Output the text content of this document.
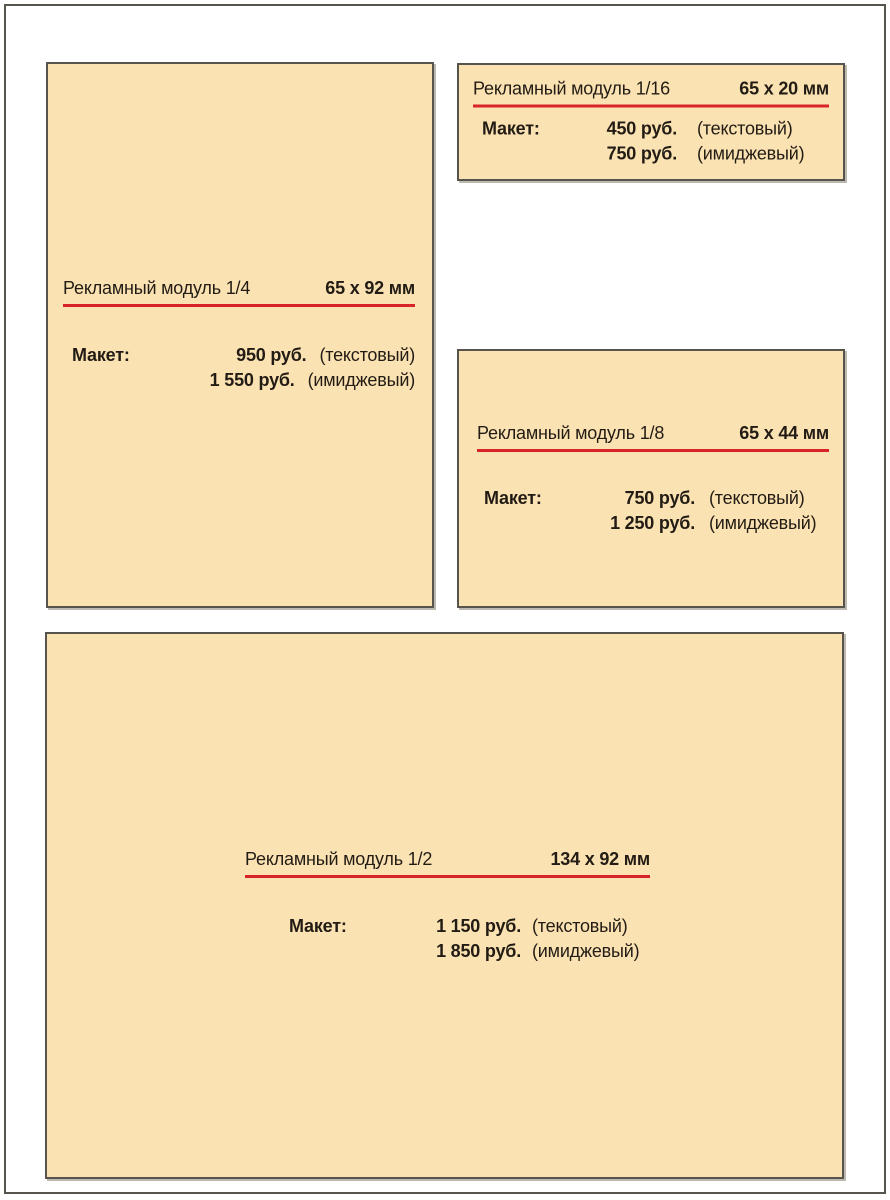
Рекламный модуль 1/4	65 x 92 мм
Макет:	950 руб. (текстовый)
1 550 руб. (имиджевый)
Рекламный модуль 1/16	65 x 20 мм
Макет:	450 руб. (текстовый)
750 руб. (имиджевый)
Рекламный модуль 1/8	65 x 44 мм
Макет:	750 руб. (текстовый)
1 250 руб. (имиджевый)
Рекламный модуль 1/2	134 x 92 мм
Макет:	1 150 руб. (текстовый)
1 850 руб. (имиджевый)
